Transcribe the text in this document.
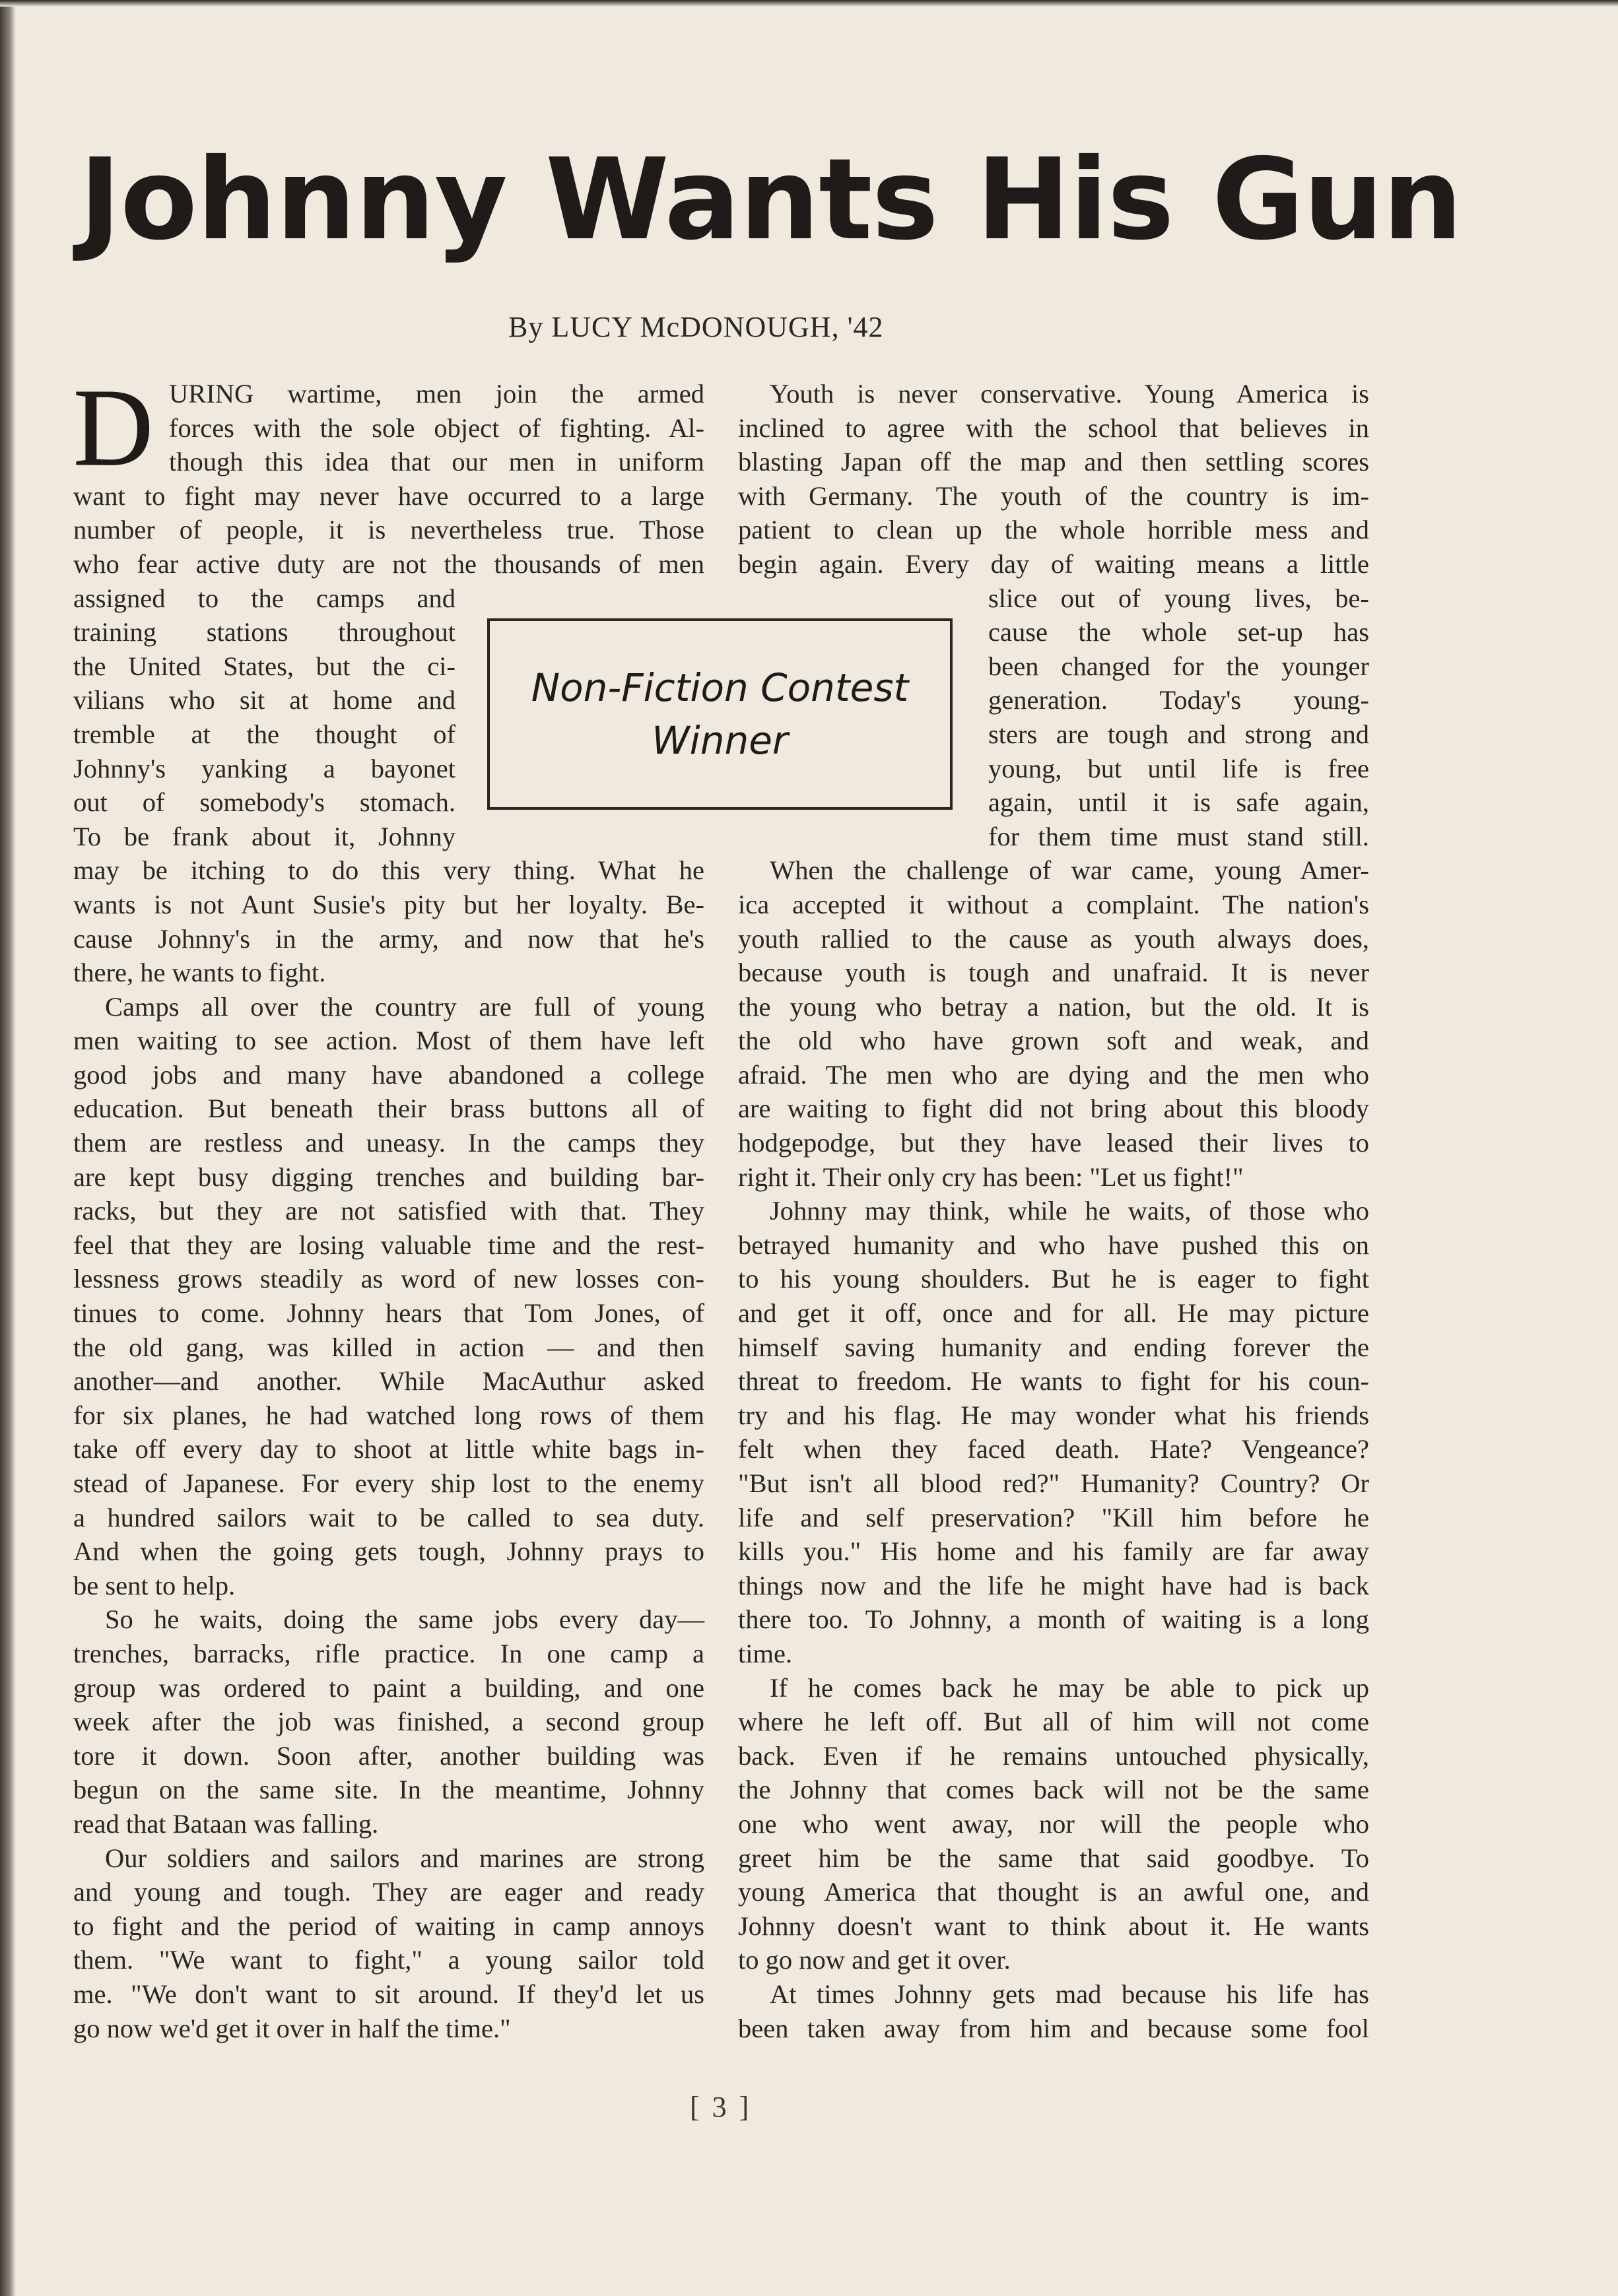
Johnny Wants His Gun
By LUCY McDONOUGH, '42
Non-Fiction Contest
Winner
D URING wartime, men join the armed
forces with the sole object of fighting. Al-
though this idea that our men in uniform
want to fight may never have occurred to a large
number of people, it is nevertheless true. Those
who fear active duty are not the thousands of men
assigned to the camps and
training stations throughout
the United States, but the ci-
vilians who sit at home and
tremble at the thought of
Johnny's yanking a bayonet
out of somebody's stomach.
To be frank about it, Johnny
may be itching to do this very thing. What he
wants is not Aunt Susie's pity but her loyalty. Be-
cause Johnny's in the army, and now that he's
there, he wants to fight.
Camps all over the country are full of young
men waiting to see action. Most of them have left
good jobs and many have abandoned a college
education. But beneath their brass buttons all of
them are restless and uneasy. In the camps they
are kept busy digging trenches and building bar-
racks, but they are not satisfied with that. They
feel that they are losing valuable time and the rest-
lessness grows steadily as word of new losses con-
tinues to come. Johnny hears that Tom Jones, of
the old gang, was killed in action — and then
another—and another. While MacAuthur asked
for six planes, he had watched long rows of them
take off every day to shoot at little white bags in-
stead of Japanese. For every ship lost to the enemy
a hundred sailors wait to be called to sea duty.
And when the going gets tough, Johnny prays to
be sent to help.
So he waits, doing the same jobs every day—
trenches, barracks, rifle practice. In one camp a
group was ordered to paint a building, and one
week after the job was finished, a second group
tore it down. Soon after, another building was
begun on the same site. In the meantime, Johnny
read that Bataan was falling.
Our soldiers and sailors and marines are strong
and young and tough. They are eager and ready
to fight and the period of waiting in camp annoys
them. "We want to fight," a young sailor told
me. "We don't want to sit around. If they'd let us
go now we'd get it over in half the time."
Youth is never conservative. Young America is
inclined to agree with the school that believes in
blasting Japan off the map and then settling scores
with Germany. The youth of the country is im-
patient to clean up the whole horrible mess and
begin again. Every day of waiting means a little
slice out of young lives, be-
cause the whole set-up has
been changed for the younger
generation. Today's young-
sters are tough and strong and
young, but until life is free
again, until it is safe again,
for them time must stand still.
When the challenge of war came, young Amer-
ica accepted it without a complaint. The nation's
youth rallied to the cause as youth always does,
because youth is tough and unafraid. It is never
the young who betray a nation, but the old. It is
the old who have grown soft and weak, and
afraid. The men who are dying and the men who
are waiting to fight did not bring about this bloody
hodgepodge, but they have leased their lives to
right it. Their only cry has been: "Let us fight!"
Johnny may think, while he waits, of those who
betrayed humanity and who have pushed this on
to his young shoulders. But he is eager to fight
and get it off, once and for all. He may picture
himself saving humanity and ending forever the
threat to freedom. He wants to fight for his coun-
try and his flag. He may wonder what his friends
felt when they faced death. Hate? Vengeance?
"But isn't all blood red?" Humanity? Country? Or
life and self preservation? "Kill him before he
kills you." His home and his family are far away
things now and the life he might have had is back
there too. To Johnny, a month of waiting is a long
time.
If he comes back he may be able to pick up
where he left off. But all of him will not come
back. Even if he remains untouched physically,
the Johnny that comes back will not be the same
one who went away, nor will the people who
greet him be the same that said goodbye. To
young America that thought is an awful one, and
Johnny doesn't want to think about it. He wants
to go now and get it over.
At times Johnny gets mad because his life has
been taken away from him and because some fool
[ 3 ]
